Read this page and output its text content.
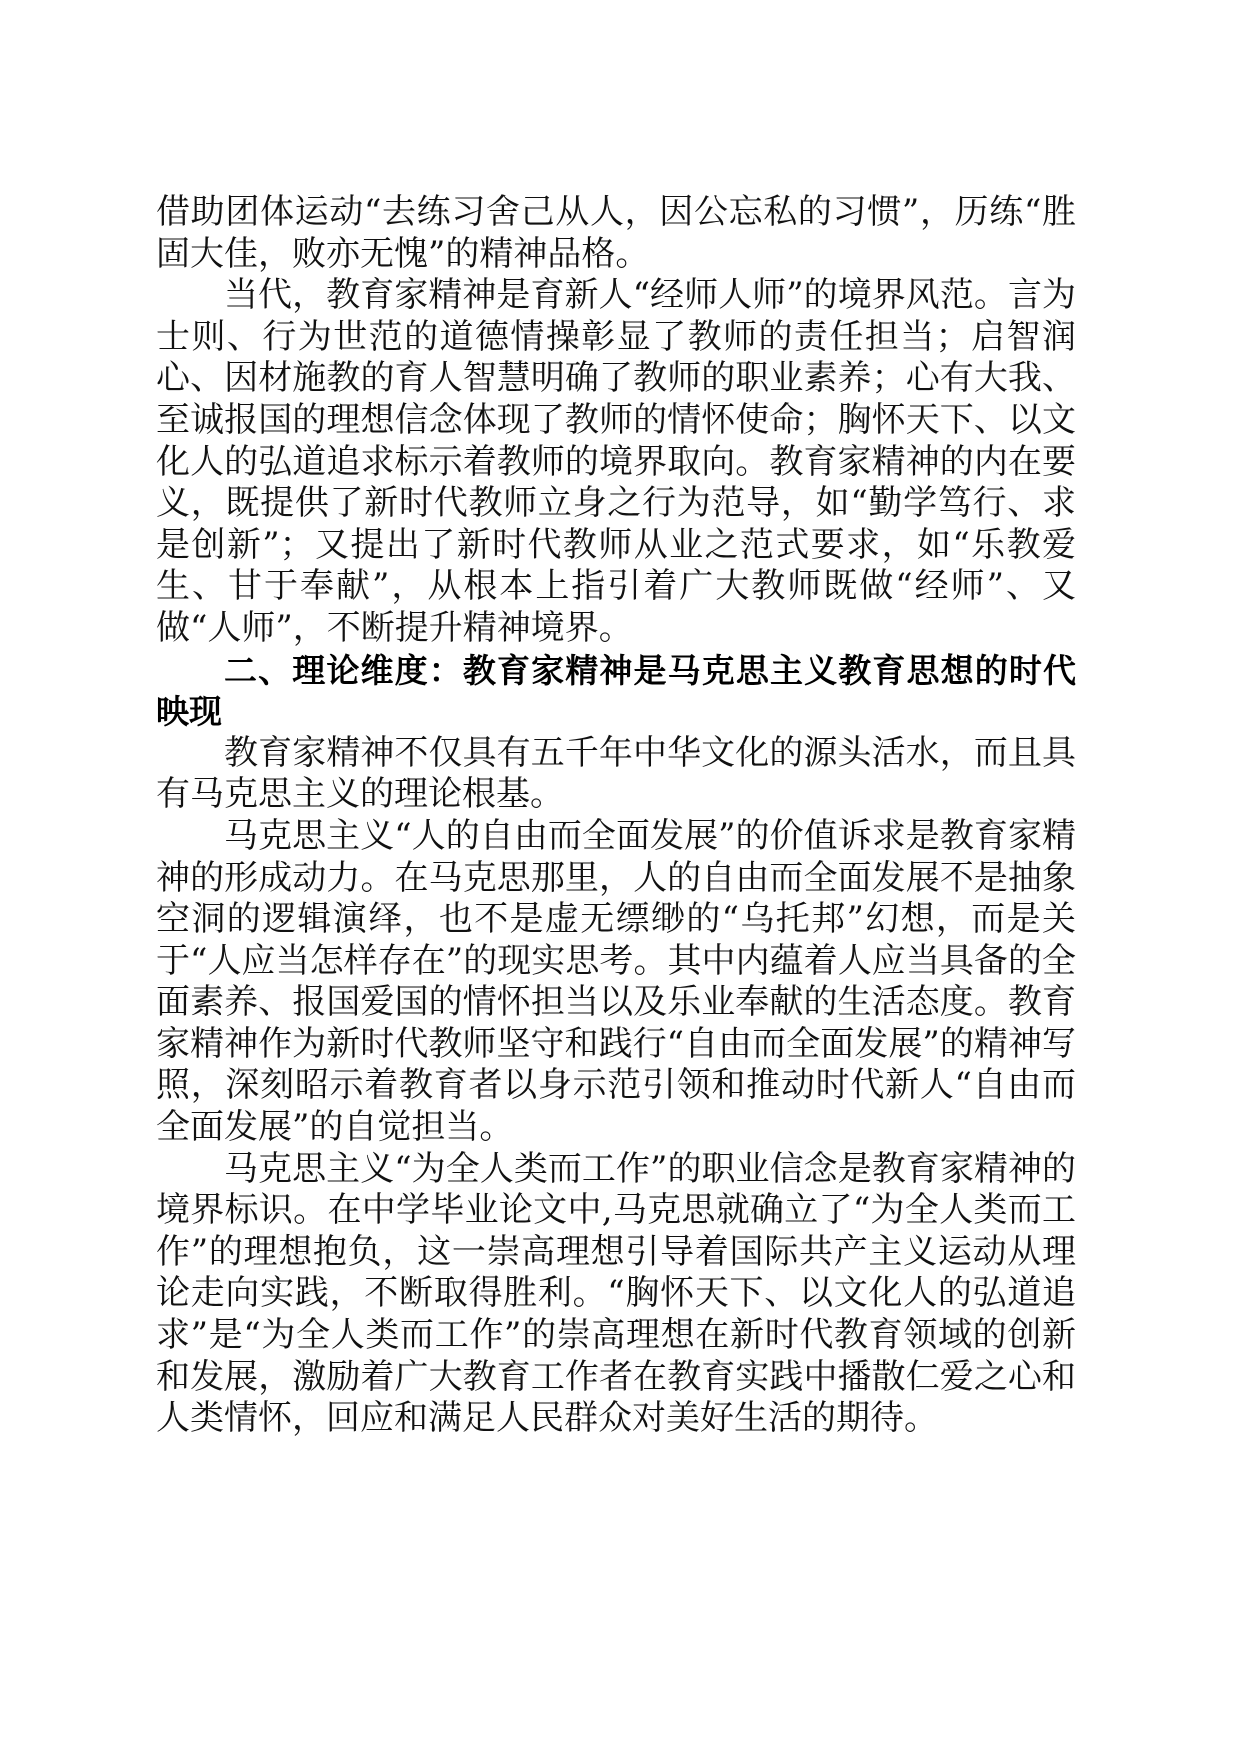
借助团体运动“去练习舍己从人，因公忘私的习惯”，历练“胜固大佳，败亦无愧”的精神品格。

当代，教育家精神是育新人“经师人师”的境界风范。言为士则、行为世范的道德情操彰显了教师的责任担当；启智润心、因材施教的育人智慧明确了教师的职业素养；心有大我、至诚报国的理想信念体现了教师的情怀使命；胸怀天下、以文化人的弘道追求标示着教师的境界取向。教育家精神的内在要义，既提供了新时代教师立身之行为范导，如“勤学笃行、求是创新”；又提出了新时代教师从业之范式要求，如“乐教爱生、甘于奉献”，从根本上指引着广大教师既做“经师”、又做“人师”，不断提升精神境界。

二、理论维度：教育家精神是马克思主义教育思想的时代映现

教育家精神不仅具有五千年中华文化的源头活水，而且具有马克思主义的理论根基。

马克思主义“人的自由而全面发展”的价值诉求是教育家精神的形成动力。在马克思那里，人的自由而全面发展不是抽象空洞的逻辑演绎，也不是虚无缥缈的“乌托邦”幻想，而是关于“人应当怎样存在”的现实思考。其中内蕴着人应当具备的全面素养、报国爱国的情怀担当以及乐业奉献的生活态度。教育家精神作为新时代教师坚守和践行“自由而全面发展”的精神写照，深刻昭示着教育者以身示范引领和推动时代新人“自由而全面发展”的自觉担当。

马克思主义“为全人类而工作”的职业信念是教育家精神的境界标识。在中学毕业论文中,马克思就确立了“为全人类而工作”的理想抱负，这一崇高理想引导着国际共产主义运动从理论走向实践，不断取得胜利。“胸怀天下、以文化人的弘道追求”是“为全人类而工作”的崇高理想在新时代教育领域的创新和发展，激励着广大教育工作者在教育实践中播散仁爱之心和人类情怀，回应和满足人民群众对美好生活的期待。
